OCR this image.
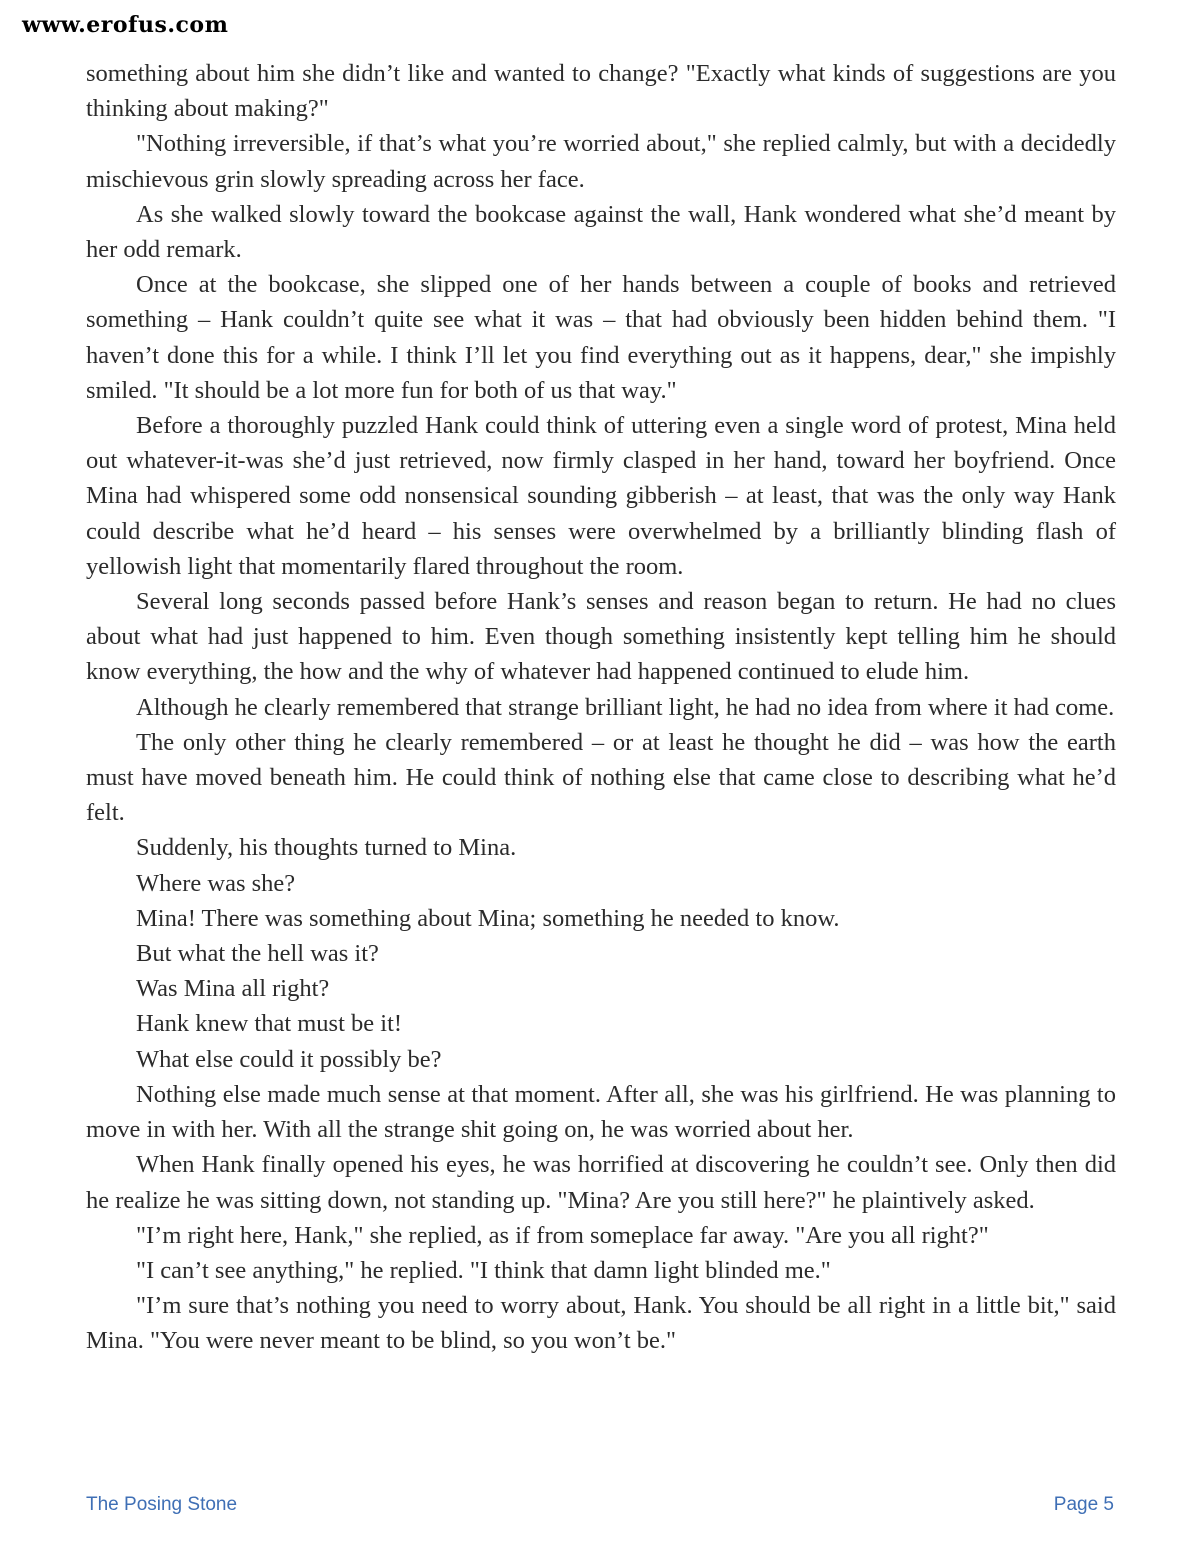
www.erofus.com

something about him she didn’t like and wanted to change? "Exactly what kinds of suggestions are you thinking about making?"

"Nothing irreversible, if that’s what you’re worried about," she replied calmly, but with a decidedly mischievous grin slowly spreading across her face.

As she walked slowly toward the bookcase against the wall, Hank wondered what she’d meant by her odd remark.

Once at the bookcase, she slipped one of her hands between a couple of books and retrieved something – Hank couldn’t quite see what it was – that had obviously been hidden behind them. "I haven’t done this for a while. I think I’ll let you find everything out as it happens, dear," she impishly smiled. "It should be a lot more fun for both of us that way."

Before a thoroughly puzzled Hank could think of uttering even a single word of protest, Mina held out whatever-it-was she’d just retrieved, now firmly clasped in her hand, toward her boyfriend. Once Mina had whispered some odd nonsensical sounding gibberish – at least, that was the only way Hank could describe what he’d heard – his senses were overwhelmed by a brilliantly blinding flash of yellowish light that momentarily flared throughout the room.

Several long seconds passed before Hank’s senses and reason began to return. He had no clues about what had just happened to him. Even though something insistently kept telling him he should know everything, the how and the why of whatever had happened continued to elude him.

Although he clearly remembered that strange brilliant light, he had no idea from where it had come.

The only other thing he clearly remembered – or at least he thought he did – was how the earth must have moved beneath him. He could think of nothing else that came close to describing what he’d felt.

Suddenly, his thoughts turned to Mina.

Where was she?

Mina! There was something about Mina; something he needed to know.

But what the hell was it?

Was Mina all right?

Hank knew that must be it!

What else could it possibly be?

Nothing else made much sense at that moment. After all, she was his girlfriend. He was planning to move in with her. With all the strange shit going on, he was worried about her.

When Hank finally opened his eyes, he was horrified at discovering he couldn’t see. Only then did he realize he was sitting down, not standing up. "Mina? Are you still here?" he plaintively asked.

"I’m right here, Hank," she replied, as if from someplace far away. "Are you all right?"

"I can’t see anything," he replied. "I think that damn light blinded me."

"I’m sure that’s nothing you need to worry about, Hank. You should be all right in a little bit," said Mina. "You were never meant to be blind, so you won’t be."

The Posing Stone	Page 5
